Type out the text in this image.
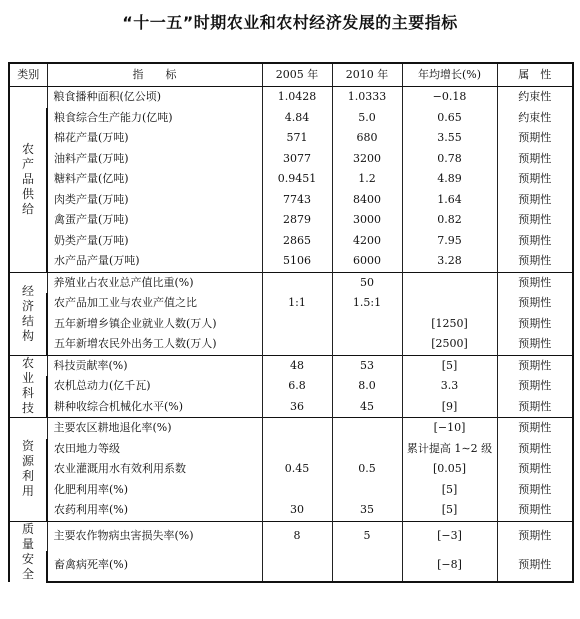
“十一五”时期农业和农村经济发展的主要指标
类别	指　　标	2005 年	2010 年	年均增长(%)	属　性
农产品供给	粮食播种面积(亿公顷)	1.0428	1.0333	−0.18	约束性
	粮食综合生产能力(亿吨)	4.84	5.0	0.65	约束性
	棉花产量(万吨)	571	680	3.55	预期性
	油料产量(万吨)	3077	3200	0.78	预期性
	糖料产量(亿吨)	0.9451	1.2	4.89	预期性
	肉类产量(万吨)	7743	8400	1.64	预期性
	禽蛋产量(万吨)	2879	3000	0.82	预期性
	奶类产量(万吨)	2865	4200	7.95	预期性
	水产品产量(万吨)	5106	6000	3.28	预期性
经济结构	养殖业占农业总产值比重(%)		50		预期性
	农产品加工业与农业产值之比	1:1	1.5:1		预期性
	五年新增乡镇企业就业人数(万人)			[1250]	预期性
	五年新增农民外出务工人数(万人)			[2500]	预期性
农业科技	科技贡献率(%)	48	53	[5]	预期性
	农机总动力(亿千瓦)	6.8	8.0	3.3	预期性
	耕种收综合机械化水平(%)	36	45	[9]	预期性
资源利用	主要农区耕地退化率(%)			[−10]	预期性
	农田地力等级			累计提高 1∼2 级	预期性
	农业灌溉用水有效利用系数	0.45	0.5	[0.05]	预期性
	化肥利用率(%)			[5]	预期性
	农药利用率(%)	30	35	[5]	预期性
质量安全	主要农作物病虫害损失率(%)	8	5	[−3]	预期性
	畜禽病死率(%)			[−8]	预期性
